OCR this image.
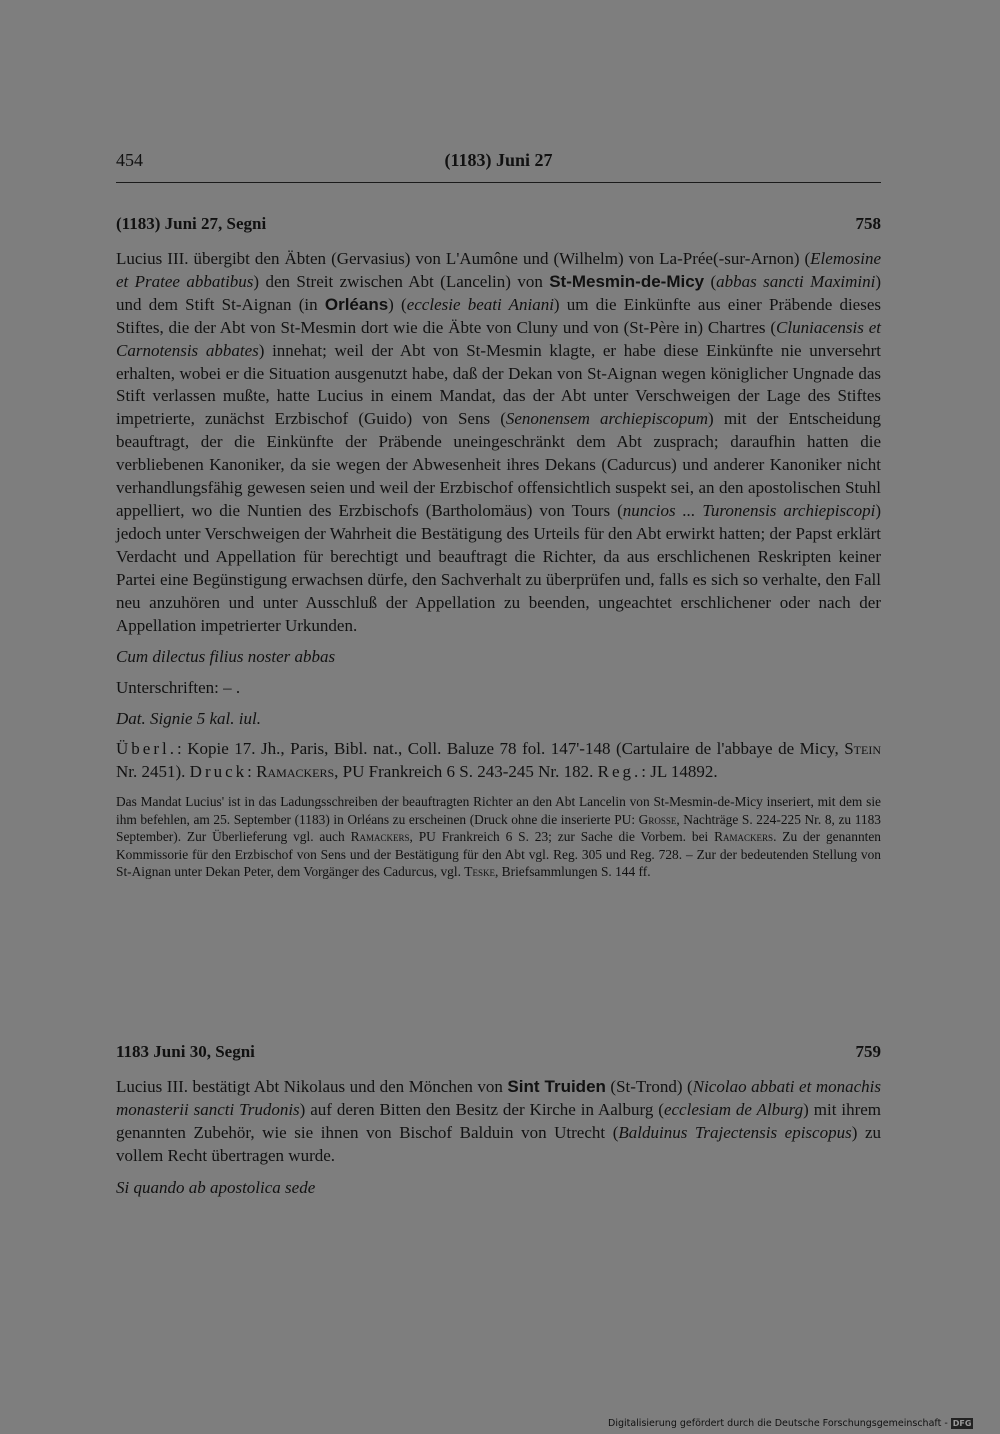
454	(1183) Juni 27
(1183) Juni 27, Segni	758

Lucius III. übergibt den Äbten (Gervasius) von L'Aumône und (Wilhelm) von La-Prée(-sur-Arnon) (Elemosine et Pratee abbatibus) den Streit zwischen Abt (Lancelin) von St-Mesmin-de-Micy (abbas sancti Maximini) und dem Stift St-Aignan (in Orléans) (ecclesie beati Aniani) um die Einkünfte aus einer Präbende dieses Stiftes, die der Abt von St-Mesmin dort wie die Äbte von Cluny und von (St-Père in) Chartres (Cluniacensis et Carnotensis abbates) innehat; weil der Abt von St-Mesmin klagte, er habe diese Einkünfte nie unversehrt erhalten, wobei er die Situation ausgenutzt habe, daß der Dekan von St-Aignan wegen königlicher Ungnade das Stift verlassen mußte, hatte Lucius in einem Mandat, das der Abt unter Verschweigen der Lage des Stiftes impetrierte, zunächst Erzbischof (Guido) von Sens (Senonensem archiepiscopum) mit der Entscheidung beauftragt, der die Einkünfte der Präbende uneingeschränkt dem Abt zusprach; daraufhin hatten die verbliebenen Kanoniker, da sie wegen der Abwesenheit ihres Dekans (Cadurcus) und anderer Kanoniker nicht verhandlungsfähig gewesen seien und weil der Erzbischof offensichtlich suspekt sei, an den apostolischen Stuhl appelliert, wo die Nuntien des Erzbischofs (Bartholomäus) von Tours (nuncios ... Turonensis archiepiscopi) jedoch unter Verschweigen der Wahrheit die Bestätigung des Urteils für den Abt erwirkt hatten; der Papst erklärt Verdacht und Appellation für berechtigt und beauftragt die Richter, da aus erschlichenen Reskripten keiner Partei eine Begünstigung erwachsen dürfe, den Sachverhalt zu überprüfen und, falls es sich so verhalte, den Fall neu anzuhören und unter Ausschluß der Appellation zu beenden, ungeachtet erschlichener oder nach der Appellation impetrierter Urkunden.

Cum dilectus filius noster abbas

Unterschriften: – .

Dat. Signie 5 kal. iul.

Überl.: Kopie 17. Jh., Paris, Bibl. nat., Coll. Baluze 78 fol. 147'-148 (Cartulaire de l'abbaye de Micy, Stein Nr. 2451). Druck: Ramackers, PU Frankreich 6 S. 243-245 Nr. 182. Reg.: JL 14892.

Das Mandat Lucius' ist in das Ladungsschreiben der beauftragten Richter an den Abt Lancelin von St-Mesmin-de-Micy inseriert, mit dem sie ihm befehlen, am 25. September (1183) in Orléans zu erscheinen (Druck ohne die inserierte PU: Grosse, Nachträge S. 224-225 Nr. 8, zu 1183 September). Zur Überlieferung vgl. auch Ramackers, PU Frankreich 6 S. 23; zur Sache die Vorbem. bei Ramackers. Zu der genannten Kommissorie für den Erzbischof von Sens und der Bestätigung für den Abt vgl. Reg. 305 und Reg. 728. – Zur der bedeutenden Stellung von St-Aignan unter Dekan Peter, dem Vorgänger des Cadurcus, vgl. Teske, Briefsammlungen S. 144 ff.

1183 Juni 30, Segni	759

Lucius III. bestätigt Abt Nikolaus und den Mönchen von Sint Truiden (St-Trond) (Nicolao abbati et monachis monasterii sancti Trudonis) auf deren Bitten den Besitz der Kirche in Aalburg (ecclesiam de Alburg) mit ihrem genannten Zubehör, wie sie ihnen von Bischof Balduin von Utrecht (Balduinus Trajectensis episcopus) zu vollem Recht übertragen wurde.

Si quando ab apostolica sede

Digitalisierung gefördert durch die Deutsche Forschungsgemeinschaft - DFG
